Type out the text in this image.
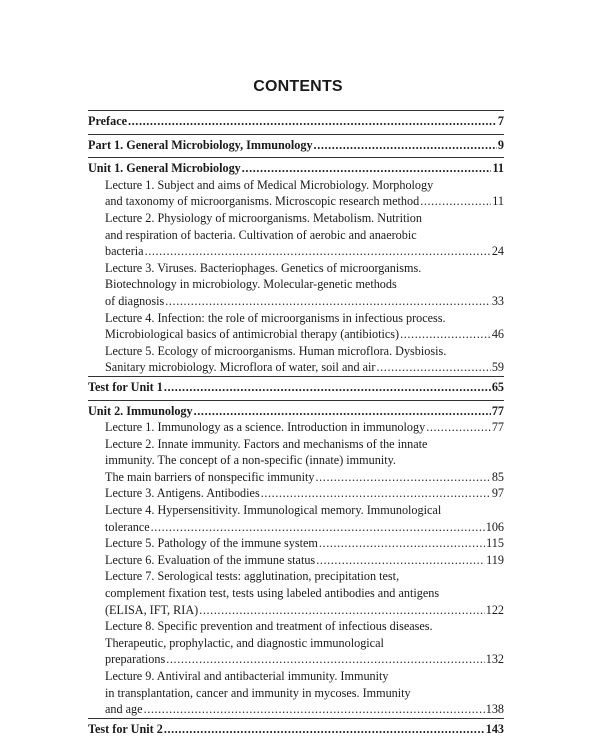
CONTENTS
Preface .....	7
Part 1. General Microbiology, Immunology .....	9
Unit 1. General Microbiology .....	11
Lecture 1. Subject and aims of Medical Microbiology. Morphology
and taxonomy of microorganisms. Microscopic research method .....	11
Lecture 2. Physiology of microorganisms. Metabolism. Nutrition
and respiration of bacteria. Cultivation of aerobic and anaerobic
bacteria .....	24
Lecture 3. Viruses. Bacteriophages. Genetics of microorganisms.
Biotechnology in microbiology. Molecular-genetic methods
of diagnosis .....	33
Lecture 4. Infection: the role of microorganisms in infectious process.
Microbiological basics of antimicrobial therapy (antibiotics) .....	46
Lecture 5. Ecology of microorganisms. Human microflora. Dysbiosis.
Sanitary microbiology. Microflora of water, soil and air .....	59
Test for Unit 1 .....	65
Unit 2. Immunology .....	77
Lecture 1. Immunology as a science. Introduction in immunology .....	77
Lecture 2. Innate immunity. Factors and mechanisms of the innate
immunity. The concept of a non-specific (innate) immunity.
The main barriers of nonspecific immunity .....	85
Lecture 3. Antigens. Antibodies .....	97
Lecture 4. Hypersensitivity. Immunological memory. Immunological
tolerance .....	106
Lecture 5. Pathology of the immune system .....	115
Lecture 6. Evaluation of the immune status .....	119
Lecture 7. Serological tests: agglutination, precipitation test,
complement fixation test, tests using labeled antibodies and antigens
(ELISA, IFT, RIA) .....	122
Lecture 8. Specific prevention and treatment of infectious diseases.
Therapeutic, prophylactic, and diagnostic immunological
preparations .....	132
Lecture 9. Antiviral and antibacterial immunity. Immunity
in transplantation, cancer and immunity in mycoses. Immunity
and age .....	138
Test for Unit 2 .....	143
